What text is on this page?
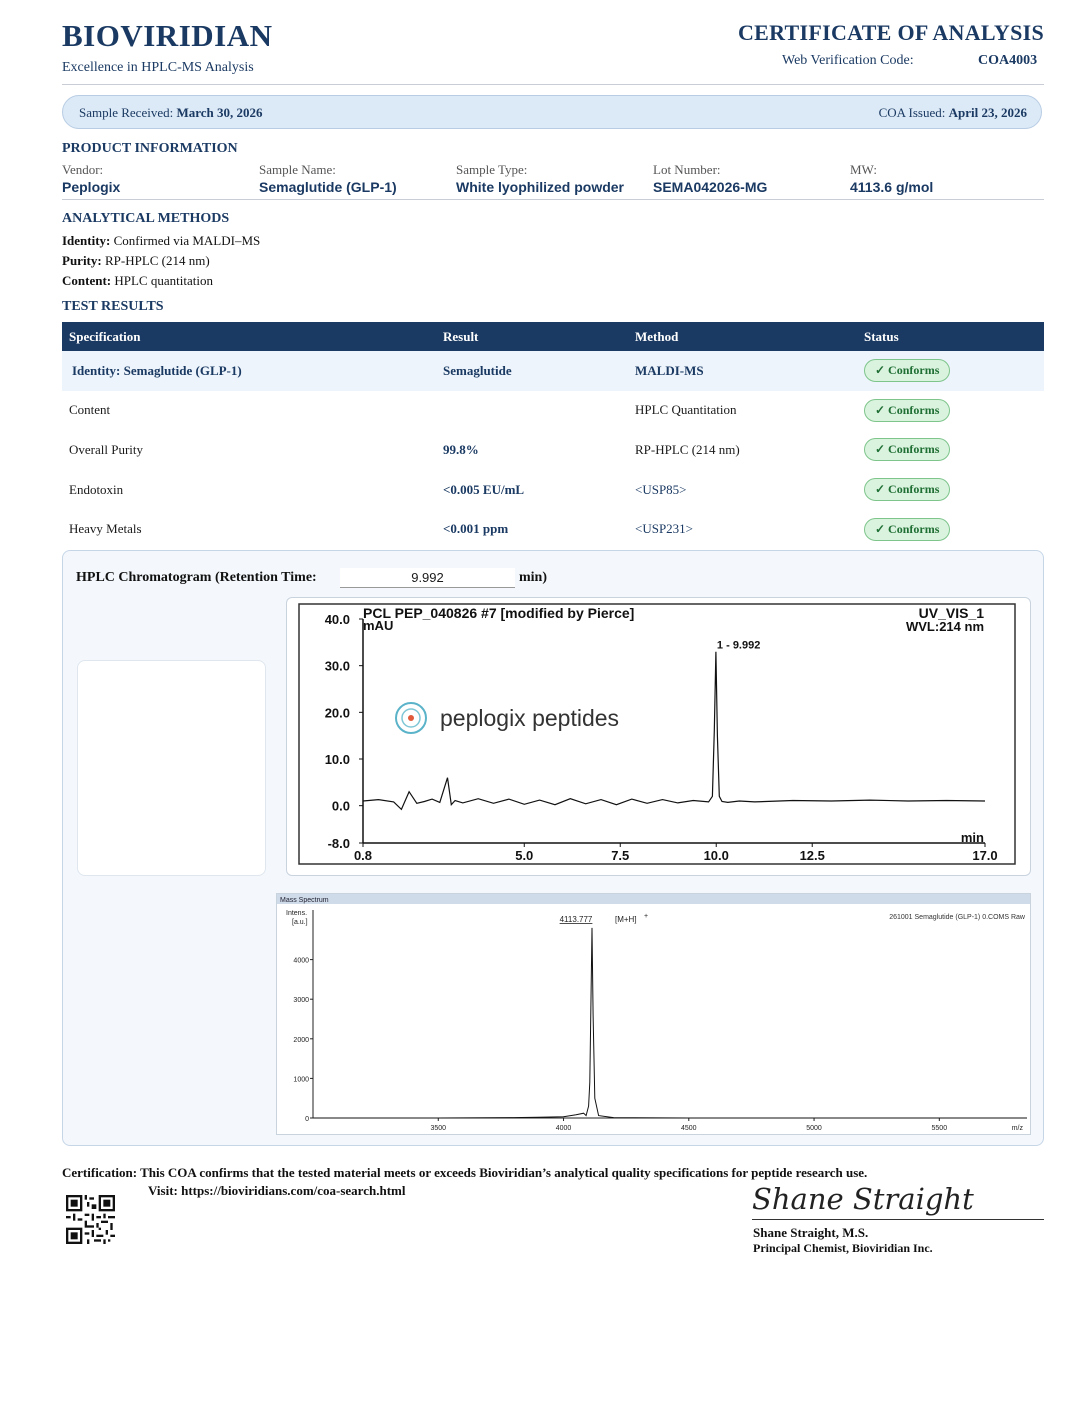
BIOVIRIDIAN
Excellence in HPLC-MS Analysis
CERTIFICATE OF ANALYSIS
Web Verification Code:	COA4003
Sample Received: March 30, 2026	COA Issued: April 23, 2026
PRODUCT INFORMATION
Vendor:
Peplogix
Sample Name:
Semaglutide (GLP-1)
Sample Type:
White lyophilized powder
Lot Number:
SEMA042026-MG
MW:
4113.6 g/mol
ANALYTICAL METHODS
Identity: Confirmed via MALDI–MS
Purity: RP-HPLC (214 nm)
Content: HPLC quantitation
TEST RESULTS
Specification	Result	Method	Status
Identity: Semaglutide (GLP-1)	Semaglutide	MALDI-MS	✓ Conforms
Content		HPLC Quantitation	✓ Conforms
Overall Purity	99.8%	RP-HPLC (214 nm)	✓ Conforms
Endotoxin	<0.005 EU/mL	<USP85>	✓ Conforms
Heavy Metals	<0.001 ppm	<USP231>	✓ Conforms
HPLC Chromatogram (Retention Time:	9.992	min)
peplogix peptides
PCL PEP_040826 #7 [modified by Pierce]
mAU
UV_VIS_1
WVL:214 nm
min
-8.0
0.0
10.0
20.0
30.0
40.0
0.8	5.0	7.5	10.0	12.5	17.0
1 - 9.992
Mass Spectrum
Intens.
[a.u.]
261001 Semaglutide (GLP-1) 0.COMS Raw
0
1000
2000
3000
4000
3500	4000	4500	5000	5500
4113.777	[M+H] +
m/z
Certification: This COA confirms that the tested material meets or exceeds Bioviridian’s analytical quality specifications for peptide research use.
Visit: https://bioviridians.com/coa-search.html	Shane Straight
Shane Straight, M.S.
Principal Chemist, Bioviridian Inc.
